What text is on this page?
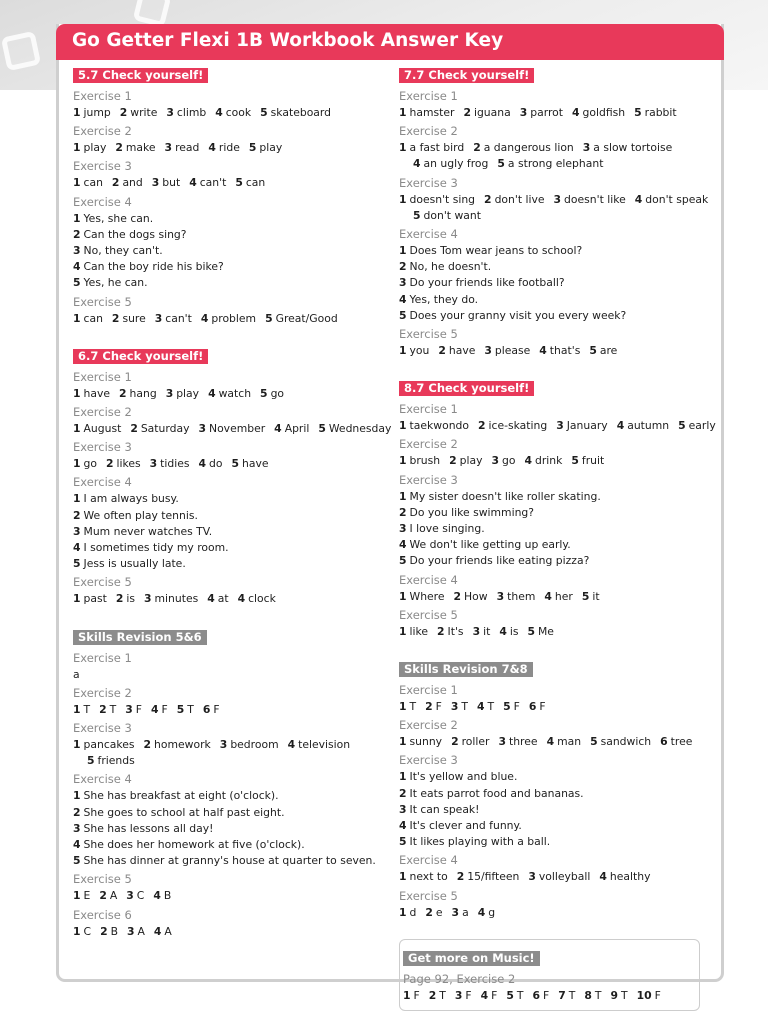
Go Getter Flexi 1B Workbook Answer Key
5.7 Check yourself!
Exercise 1
1 jump 2 write 3 climb 4 cook 5 skateboard
Exercise 2
1 play 2 make 3 read 4 ride 5 play
Exercise 3
1 can 2 and 3 but 4 can't 5 can
Exercise 4
1 Yes, she can.
2 Can the dogs sing?
3 No, they can't.
4 Can the boy ride his bike?
5 Yes, he can.
Exercise 5
1 can 2 sure 3 can't 4 problem 5 Great/Good
6.7 Check yourself!
Exercise 1
1 have 2 hang 3 play 4 watch 5 go
Exercise 2
1 August 2 Saturday 3 November 4 April 5 Wednesday
Exercise 3
1 go 2 likes 3 tidies 4 do 5 have
Exercise 4
1 I am always busy.
2 We often play tennis.
3 Mum never watches TV.
4 I sometimes tidy my room.
5 Jess is usually late.
Exercise 5
1 past 2 is 3 minutes 4 at 4 clock
Skills Revision 5&6
Exercise 1
a
Exercise 2
1 T 2 T 3 F 4 F 5 T 6 F
Exercise 3
1 pancakes 2 homework 3 bedroom 4 television
5 friends
Exercise 4
1 She has breakfast at eight (o'clock).
2 She goes to school at half past eight.
3 She has lessons all day!
4 She does her homework at five (o'clock).
5 She has dinner at granny's house at quarter to seven.
Exercise 5
1 E 2 A 3 C 4 B
Exercise 6
1 C 2 B 3 A 4 A
7.7 Check yourself!
Exercise 1
1 hamster 2 iguana 3 parrot 4 goldfish 5 rabbit
Exercise 2
1 a fast bird 2 a dangerous lion 3 a slow tortoise
4 an ugly frog 5 a strong elephant
Exercise 3
1 doesn't sing 2 don't live 3 doesn't like 4 don't speak
5 don't want
Exercise 4
1 Does Tom wear jeans to school?
2 No, he doesn't.
3 Do your friends like football?
4 Yes, they do.
5 Does your granny visit you every week?
Exercise 5
1 you 2 have 3 please 4 that's 5 are
8.7 Check yourself!
Exercise 1
1 taekwondo 2 ice-skating 3 January 4 autumn 5 early
Exercise 2
1 brush 2 play 3 go 4 drink 5 fruit
Exercise 3
1 My sister doesn't like roller skating.
2 Do you like swimming?
3 I love singing.
4 We don't like getting up early.
5 Do your friends like eating pizza?
Exercise 4
1 Where 2 How 3 them 4 her 5 it
Exercise 5
1 like 2 It's 3 it 4 is 5 Me
Skills Revision 7&8
Exercise 1
1 T 2 F 3 T 4 T 5 F 6 F
Exercise 2
1 sunny 2 roller 3 three 4 man 5 sandwich 6 tree
Exercise 3
1 It's yellow and blue.
2 It eats parrot food and bananas.
3 It can speak!
4 It's clever and funny.
5 It likes playing with a ball.
Exercise 4
1 next to 2 15/fifteen 3 volleyball 4 healthy
Exercise 5
1 d 2 e 3 a 4 g
Get more on Music!
Page 92, Exercise 2
1 F 2 T 3 F 4 F 5 T 6 F 7 T 8 T 9 T 10 F
